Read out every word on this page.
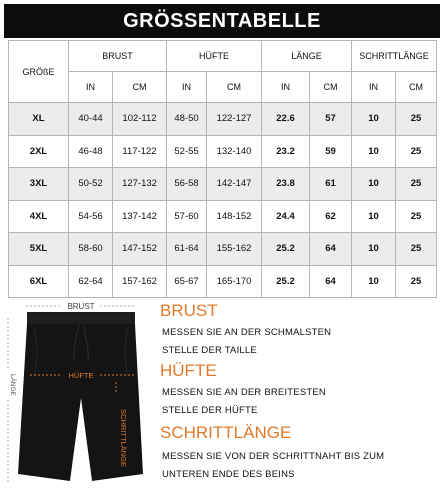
GRÖSSENTABELLE
GRÖßE	BRUST		HÜFTE		LÄNGE		SCHRITTLÄNGE	
	IN	CM	IN	CM	IN	CM	IN	CM
XL	40-44	102-112	48-50	122-127	22.6	57	10	25
2XL	46-48	117-122	52-55	132-140	23.2	59	10	25
3XL	50-52	127-132	56-58	142-147	23.8	61	10	25
4XL	54-56	137-142	57-60	148-152	24.4	62	10	25
5XL	58-60	147-152	61-64	155-162	25.2	64	10	25
6XL	62-64	157-162	65-67	165-170	25.2	64	10	25
BRUST
HÜFTE
SCHRITTLÄNGE
LÄNGE
BRUST
MESSEN SIE AN DER SCHMALSTEN
STELLE DER TAILLE
HÜFTE
MESSEN SIE AN DER BREITESTEN
STELLE DER HÜFTE
SCHRITTLÄNGE
MESSEN SIE VON DER SCHRITTNAHT BIS ZUM
UNTEREN ENDE DES BEINS
